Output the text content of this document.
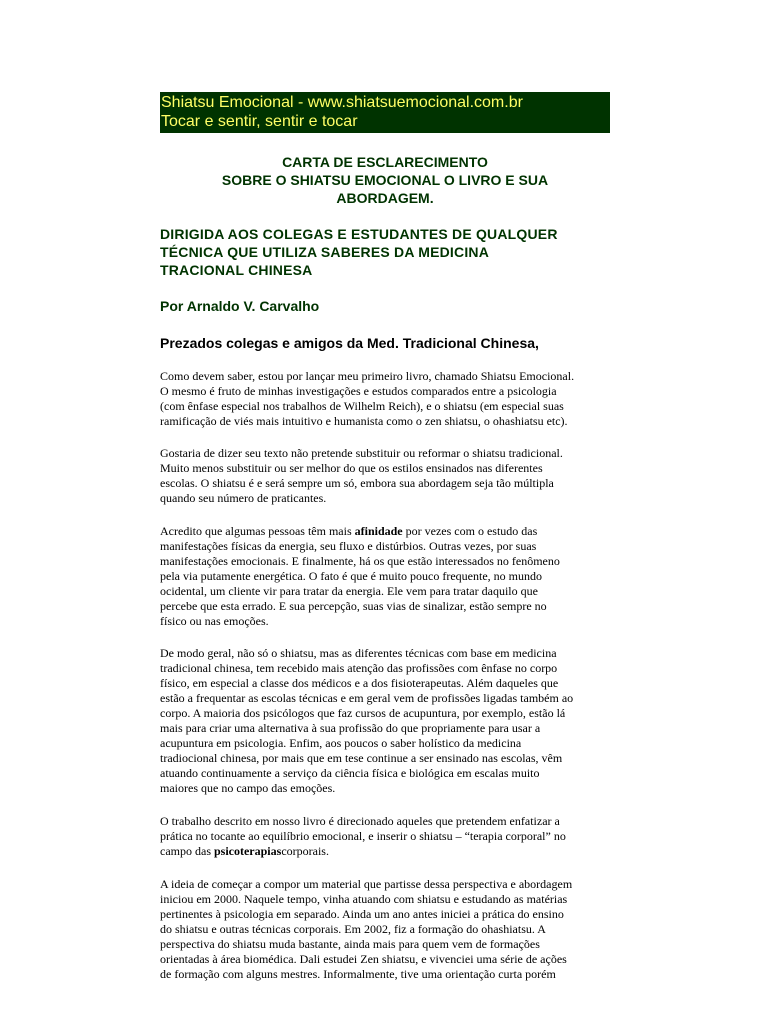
Shiatsu Emocional - www.shiatsuemocional.com.br
Tocar e sentir, sentir e tocar
CARTA DE ESCLARECIMENTO
SOBRE O SHIATSU EMOCIONAL O LIVRO E SUA
ABORDAGEM.
DIRIGIDA AOS COLEGAS E ESTUDANTES DE QUALQUER
TÉCNICA QUE UTILIZA SABERES DA MEDICINA
TRACIONAL CHINESA
Por Arnaldo V. Carvalho
Prezados colegas e amigos da Med. Tradicional Chinesa,
Como devem saber, estou por lançar meu primeiro livro, chamado Shiatsu Emocional.
O mesmo é fruto de minhas investigações e estudos comparados entre a psicologia
(com ênfase especial nos trabalhos de Wilhelm Reich), e o shiatsu (em especial suas
ramificação de viés mais intuitivo e humanista como o zen shiatsu, o ohashiatsu etc).
Gostaria de dizer seu texto não pretende substituir ou reformar o shiatsu tradicional.
Muito menos substituir ou ser melhor do que os estilos ensinados nas diferentes
escolas. O shiatsu é e será sempre um só, embora sua abordagem seja tão múltipla
quando seu número de praticantes.
Acredito que algumas pessoas têm mais afinidade por vezes com o estudo das
manifestações físicas da energia, seu fluxo e distúrbios. Outras vezes, por suas
manifestações emocionais. E finalmente, há os que estão interessados no fenômeno
pela via putamente energética. O fato é que é muito pouco frequente, no mundo
ocidental, um cliente vir para tratar da energia. Ele vem para tratar daquilo que
percebe que esta errado. E sua percepção, suas vias de sinalizar, estão sempre no
físico ou nas emoções.
De modo geral, não só o shiatsu, mas as diferentes técnicas com base em medicina
tradicional chinesa, tem recebido mais atenção das profissões com ênfase no corpo
físico, em especial a classe dos médicos e a dos fisioterapeutas. Além daqueles que
estão a frequentar as escolas técnicas e em geral vem de profissões ligadas também ao
corpo. A maioria dos psicólogos que faz cursos de acupuntura, por exemplo, estão lá
mais para criar uma alternativa à sua profissão do que propriamente para usar a
acupuntura em psicologia. Enfim, aos poucos o saber holístico da medicina
tradiocional chinesa, por mais que em tese continue a ser ensinado nas escolas, vêm
atuando continuamente a serviço da ciência física e biológica em escalas muito
maiores que no campo das emoções.
O trabalho descrito em nosso livro é direcionado aqueles que pretendem enfatizar a
prática no tocante ao equilíbrio emocional, e inserir o shiatsu – “terapia corporal” no
campo das psicoterapiascorporais.
A ideia de começar a compor um material que partisse dessa perspectiva e abordagem
iniciou em 2000. Naquele tempo, vinha atuando com shiatsu e estudando as matérias
pertinentes à psicologia em separado. Ainda um ano antes iniciei a prática do ensino
do shiatsu e outras técnicas corporais. Em 2002, fiz a formação do ohashiatsu. A
perspectiva do shiatsu muda bastante, ainda mais para quem vem de formações
orientadas à área biomédica. Dali estudei Zen shiatsu, e vivenciei uma série de ações
de formação com alguns mestres. Informalmente, tive uma orientação curta porém
